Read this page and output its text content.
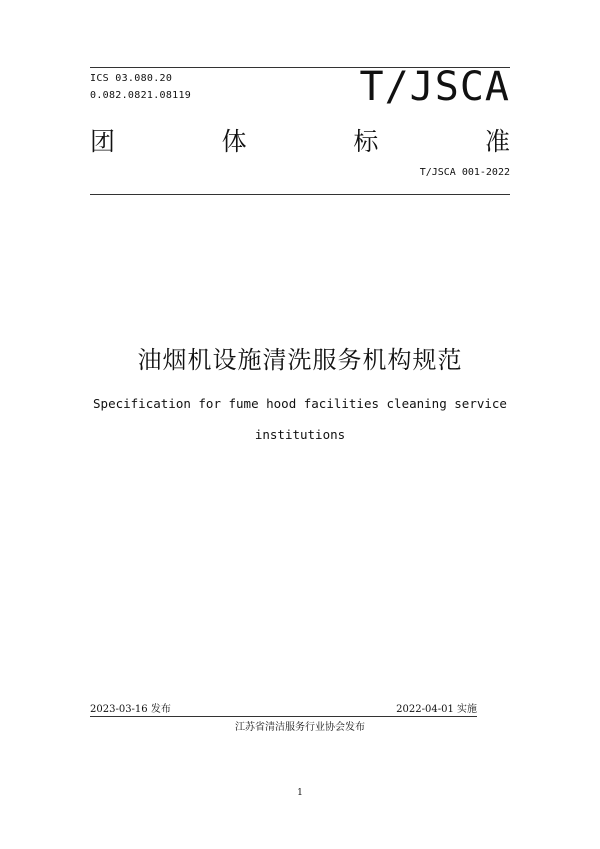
ICS 03.080.20
0.082.0821.08119	T/JSCA
团	体	标	准
T/JSCA 001-2022
油烟机设施清洗服务机构规范
Specification for fume hood facilities cleaning service
institutions
2023-03-16 发布	2022-04-01 实施
江苏省清洁服务行业协会发布
1
